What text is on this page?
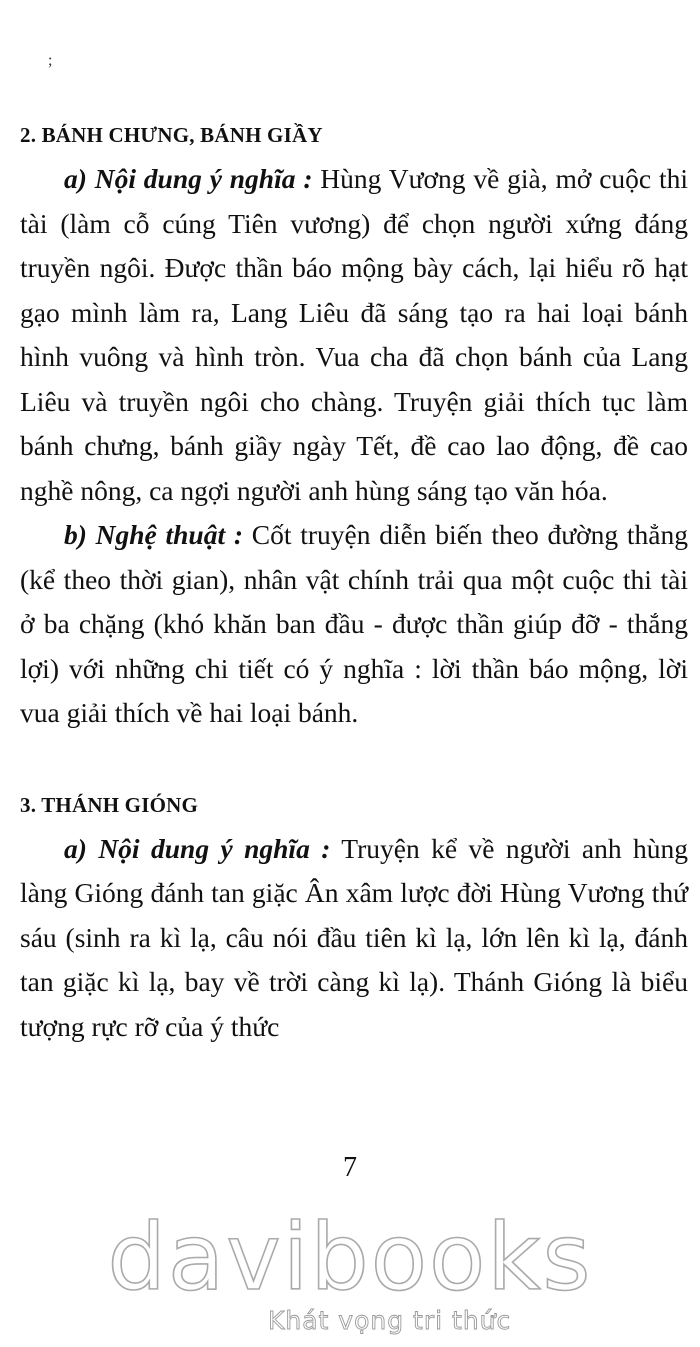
;
2. BÁNH CHƯNG, BÁNH GIẦY

a) Nội dung ý nghĩa : Hùng Vương về già, mở cuộc thi tài (làm cỗ cúng Tiên vương) để chọn người xứng đáng truyền ngôi. Được thần báo mộng bày cách, lại hiểu rõ hạt gạo mình làm ra, Lang Liêu đã sáng tạo ra hai loại bánh hình vuông và hình tròn. Vua cha đã chọn bánh của Lang Liêu và truyền ngôi cho chàng. Truyện giải thích tục làm bánh chưng, bánh giầy ngày Tết, đề cao lao động, đề cao nghề nông, ca ngợi người anh hùng sáng tạo văn hóa.

b) Nghệ thuật : Cốt truyện diễn biến theo đường thẳng (kể theo thời gian), nhân vật chính trải qua một cuộc thi tài ở ba chặng (khó khăn ban đầu - được thần giúp đỡ - thắng lợi) với những chi tiết có ý nghĩa : lời thần báo mộng, lời vua giải thích về hai loại bánh.

3. THÁNH GIÓNG

a) Nội dung ý nghĩa : Truyện kể về người anh hùng làng Gióng đánh tan giặc Ân xâm lược đời Hùng Vương thứ sáu (sinh ra kì lạ, câu nói đầu tiên kì lạ, lớn lên kì lạ, đánh tan giặc kì lạ, bay về trời càng kì lạ). Thánh Gióng là biểu tượng rực rỡ của ý thức

7
davibooks
Khát vọng tri thức
